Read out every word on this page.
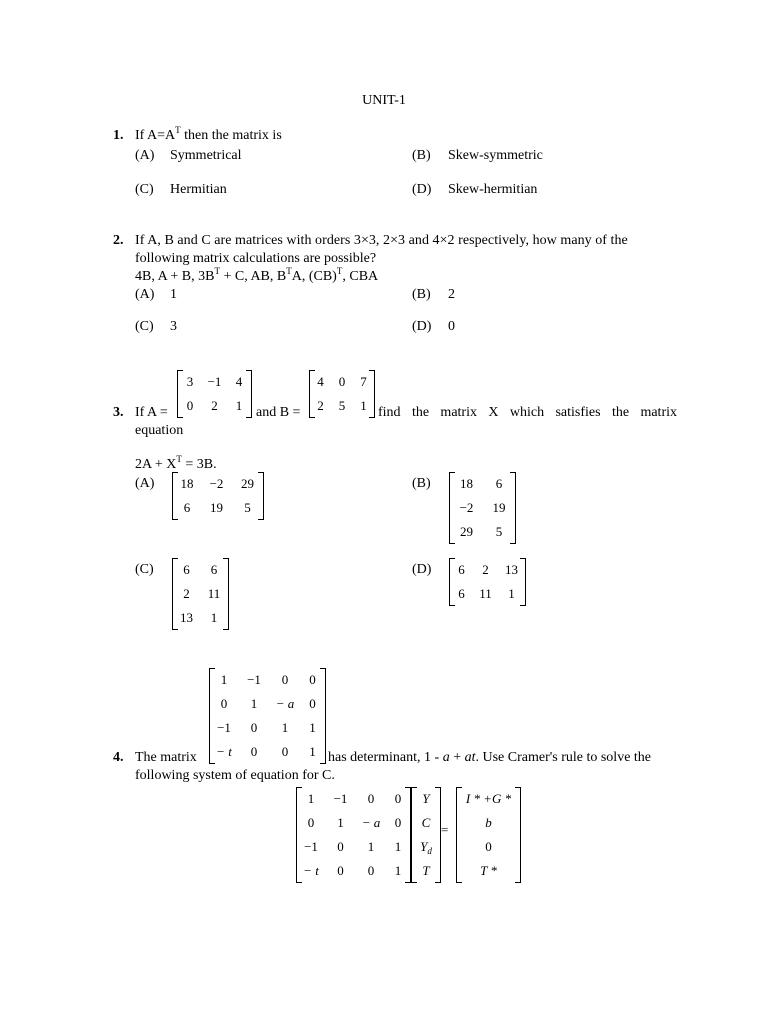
UNIT-1
1. If $A=A^T$ then the matrix is
(A) Symmetrical	(B) Skew-symmetric
(C) Hermitian	(D) Skew-hermitian
2. If A, B and C are matrices with orders 3×3, 2×3 and 4×2 respectively, how many of the
following matrix calculations are possible?
4B, A + B, $3B^T + C$, AB, $B^TA$, (CB)$^T$, CBA
(A) 1	(B) 2
(C) 3	(D) 0
3. If A =
3	−1	4
0	2	1 and B =
4	0	7
2	5	1 find the matrix X which satisfies the matrix
equation
$2A + X^T = 3B$.
(A)	18	−2	29
6	19	5
(B)	18	6
−2	19
29	5
(C)	6	6
2	11
13	1
(D)	6	2	13
6	11	1
1	−1	0	0
0	1	− a	0
−1	0	1	1
− t	0	0	1
4. The matrix	has determinant, 1 - a + at. Use Cramer's rule to solve the
following system of equation for C.
1	−1	0	0
0	1	− a	0
−1	0	1	1
− t	0	0	1
Y
C
$Y_d$
T
=
I * +G *
b
0
T *
